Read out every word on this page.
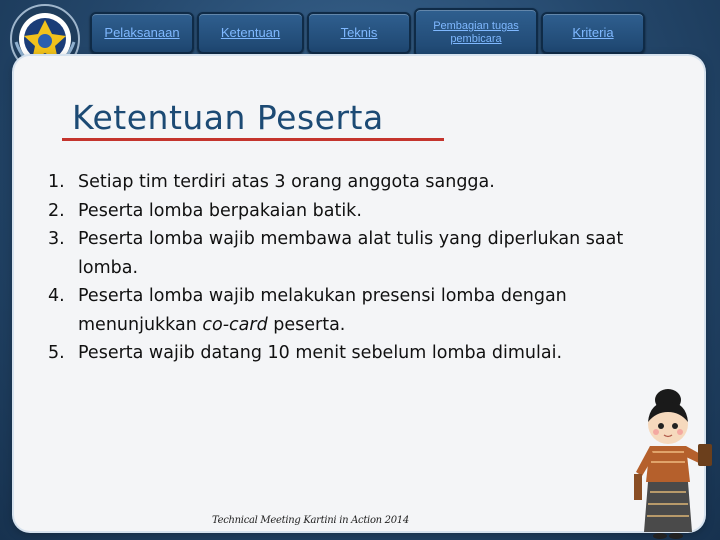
Pelaksanaan	Ketentuan	Teknis	Pembagian tugas pembicara	Kriteria
Ketentuan Peserta
1. Setiap tim terdiri atas 3 orang anggota sangga.
2. Peserta lomba berpakaian batik.
3. Peserta lomba wajib membawa alat tulis yang diperlukan saat lomba.
4. Peserta lomba wajib melakukan presensi lomba dengan menunjukkan co-card peserta.
5. Peserta wajib datang 10 menit sebelum lomba dimulai.
Technical Meeting Kartini in Action 2014
